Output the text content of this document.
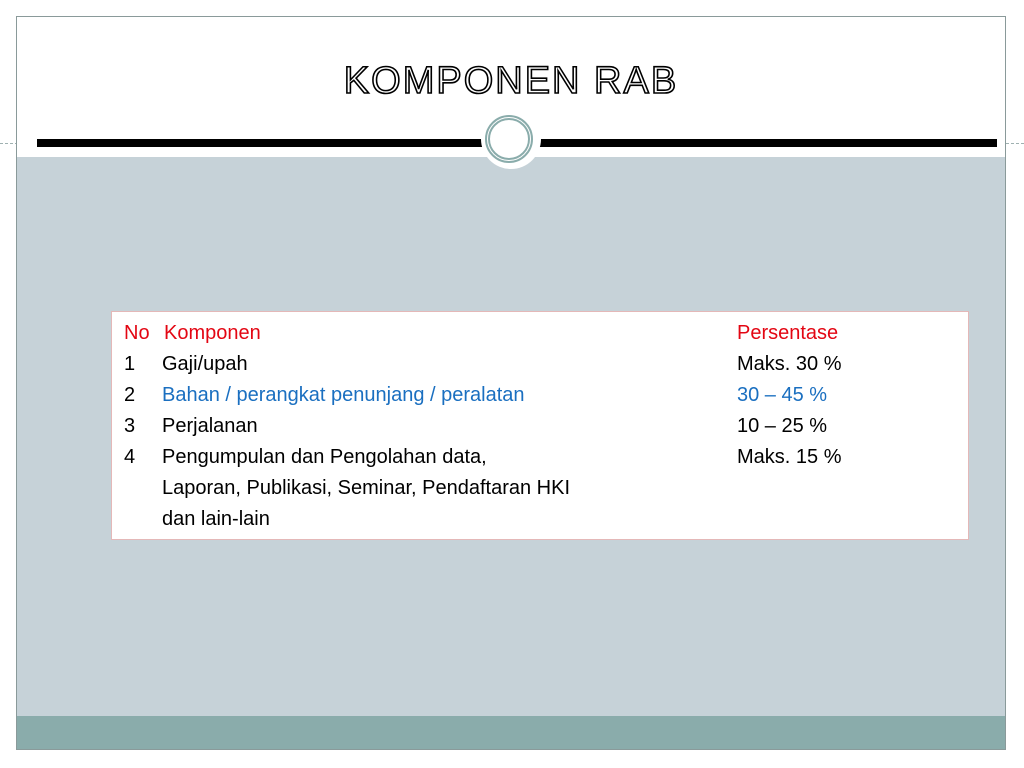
KOMPONEN RAB
No Komponen	Persentase
1 Gaji/upah	Maks. 30 %
2 Bahan / perangkat penunjang / peralatan	30 – 45 %
3 Perjalanan	10 – 25 %
4 Pengumpulan dan Pengolahan data,	Maks. 15 %
Laporan, Publikasi, Seminar, Pendaftaran HKI
dan lain-lain
